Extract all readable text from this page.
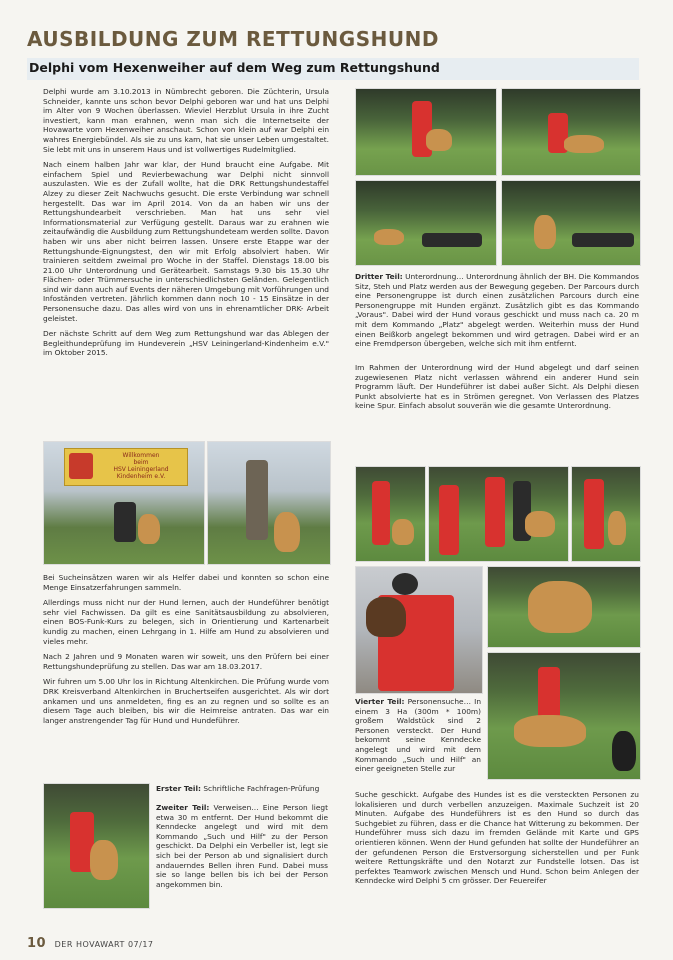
AUSBILDUNG ZUM RETTUNGSHUND
Delphi vom Hexenweiher auf dem Weg zum Rettungshund

Delphi wurde am 3.10.2013 in Nümbrecht geboren. Die Züchterin, Ursula Schneider, kannte uns schon bevor Delphi geboren war und hat uns Delphi im Alter von 9 Wochen überlassen. Wieviel Herzblut Ursula in ihre Zucht investiert, kann man erahnen, wenn man sich die Internetseite der Hovawarte vom Hexenweiher anschaut. Schon von klein auf war Delphi ein wahres Energiebündel. Als sie zu uns kam, hat sie unser Leben umgestaltet. Sie lebt mit uns in unserem Haus und ist vollwertiges Rudelmitglied.

Nach einem halben Jahr war klar, der Hund braucht eine Aufgabe. Mit einfachem Spiel und Revierbewachung war Delphi nicht sinnvoll auszulasten. Wie es der Zufall wollte, hat die DRK Rettungshundestaffel Alzey zu dieser Zeit Nachwuchs gesucht. Die erste Verbindung war schnell hergestellt. Das war im April 2014. Von da an haben wir uns der Rettungshundearbeit verschrieben. Man hat uns sehr viel Informationsmaterial zur Verfügung gestellt. Daraus war zu erahnen wie zeitaufwändig die Ausbildung zum Rettungshundeteam werden sollte. Davon haben wir uns aber nicht beirren lassen. Unsere erste Etappe war der Rettungshunde-Eignungstest, den wir mit Erfolg absolviert haben. Wir trainieren seitdem zweimal pro Woche in der Staffel. Dienstags 18.00 bis 21.00 Uhr Unterordnung und Gerätearbeit. Samstags 9.30 bis 15.30 Uhr Flächen- oder Trümmersuche in unterschiedlichsten Geländen. Gelegentlich sind wir dann auch auf Events der näheren Umgebung mit Vorführungen und Infoständen vertreten. Jährlich kommen dann noch 10 - 15 Einsätze in der Personensuche dazu. Das alles wird von uns in ehrenamtlicher DRK- Arbeit geleistet.

Der nächste Schritt auf dem Weg zum Rettungshund war das Ablegen der Begleithundeprüfung im Hundeverein „HSV Leiningerland-Kindenheim e.V." im Oktober 2015.

Willkommen
beim
HSV Leiningerland
Kindenheim e.V.

Bei Sucheinsätzen waren wir als Helfer dabei und konnten so schon eine Menge Einsatzerfahrungen sammeln.

Allerdings muss nicht nur der Hund lernen, auch der Hundeführer benötigt sehr viel Fachwissen. Da gilt es eine Sanitätsausbildung zu absolvieren, einen BOS-Funk-Kurs zu belegen, sich in Orientierung und Kartenarbeit kundig zu machen, einen Lehrgang in 1. Hilfe am Hund zu absolvieren und vieles mehr.

Nach 2 Jahren und 9 Monaten waren wir soweit, uns den Prüfern bei einer Rettungshundeprüfung zu stellen. Das war am 18.03.2017.

Wir fuhren um 5.00 Uhr los in Richtung Altenkirchen. Die Prüfung wurde vom DRK Kreisverband Altenkirchen in Bruchertseifen ausgerichtet. Als wir dort ankamen und uns anmeldeten, fing es an zu regnen und so sollte es an diesem Tage auch bleiben, bis wir die Heimreise antraten. Das war ein langer anstrengender Tag für Hund und Hundeführer.

Erster Teil: Schriftliche Fachfragen-Prüfung
Zweiter Teil: Verweisen… Eine Person liegt etwa 30 m entfernt. Der Hund bekommt die Kenndecke angelegt und wird mit dem Kommando „Such und Hilf" zu der Person geschickt. Da Delphi ein Verbeller ist, legt sie sich bei der Person ab und signalisiert durch andauerndes Bellen ihren Fund. Dabei muss sie so lange bellen bis ich bei der Person angekommen bin.
Dritter Teil: Unterordnung… Unterordnung ähnlich der BH. Die Kommandos Sitz, Steh und Platz werden aus der Bewegung gegeben. Der Parcours durch eine Personengruppe ist durch einen zusätzlichen Parcours durch eine Personengruppe mit Hunden ergänzt. Zusätzlich gibt es das Kommando „Voraus". Dabei wird der Hund voraus geschickt und muss nach ca. 20 m mit dem Kommando „Platz" abgelegt werden. Weiterhin muss der Hund einen Beißkorb angelegt bekommen und wird getragen. Dabei wird er an eine Fremdperson übergeben, welche sich mit ihm entfernt.
Im Rahmen der Unterordnung wird der Hund abgelegt und darf seinen zugewiesenen Platz nicht verlassen während ein anderer Hund sein Programm läuft. Der Hundeführer ist dabei außer Sicht. Als Delphi diesen Punkt absolvierte hat es in Strömen geregnet. Von Verlassen des Platzes keine Spur. Einfach absolut souverän wie die gesamte Unterordnung.
Vierter Teil: Personensuche… In einem 3 Ha (300m * 100m) großem Waldstück sind 2 Personen versteckt. Der Hund bekommt seine Kenndecke angelegt und wird mit dem Kommando „Such und Hilf" an einer geeigneten Stelle zur
Suche geschickt. Aufgabe des Hundes ist es die versteckten Personen zu lokalisieren und durch verbellen anzuzeigen. Maximale Suchzeit ist 20 Minuten. Aufgabe des Hundeführers ist es den Hund so durch das Suchgebiet zu führen, dass er die Chance hat Witterung zu bekommen. Der Hundeführer muss sich dazu im fremden Gelände mit Karte und GPS orientieren können. Wenn der Hund gefunden hat sollte der Hundeführer an der gefundenen Person die Erstversorgung sicherstellen und per Funk weitere Rettungskräfte und den Notarzt zur Fundstelle lotsen. Das ist perfektes Teamwork zwischen Mensch und Hund. Schon beim Anlegen der Kenndecke wird Delphi 5 cm grösser. Der Feuereifer
10 DER HOVAWART 07/17
